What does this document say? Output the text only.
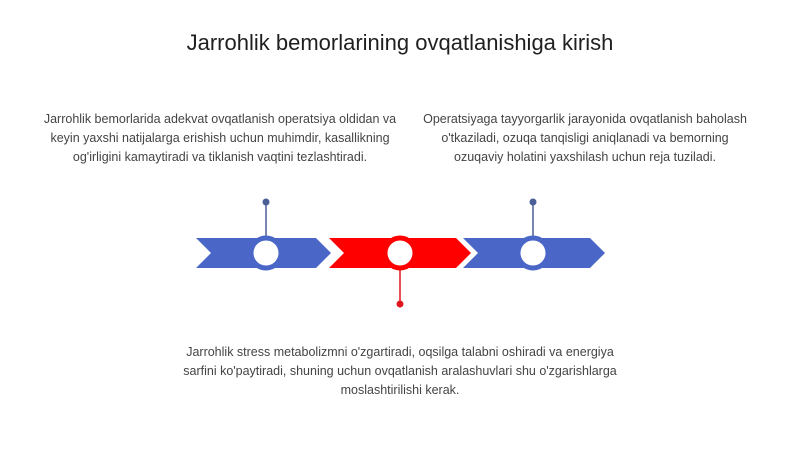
Jarrohlik bemorlarining ovqatlanishiga kirish
Jarrohlik bemorlarida adekvat ovqatlanish operatsiya oldidan va keyin yaxshi natijalarga erishish uchun muhimdir, kasallikning og'irligini kamaytiradi va tiklanish vaqtini tezlashtiradi.
Operatsiyaga tayyorgarlik jarayonida ovqatlanish baholash o'tkaziladi, ozuqa tanqisligi aniqlanadi va bemorning ozuqaviy holatini yaxshilash uchun reja tuziladi.
Jarrohlik stress metabolizmni o'zgartiradi, oqsilga talabni oshiradi va energiya sarfini ko'paytiradi, shuning uchun ovqatlanish aralashuvlari shu o'zgarishlarga moslashtirilishi kerak.
